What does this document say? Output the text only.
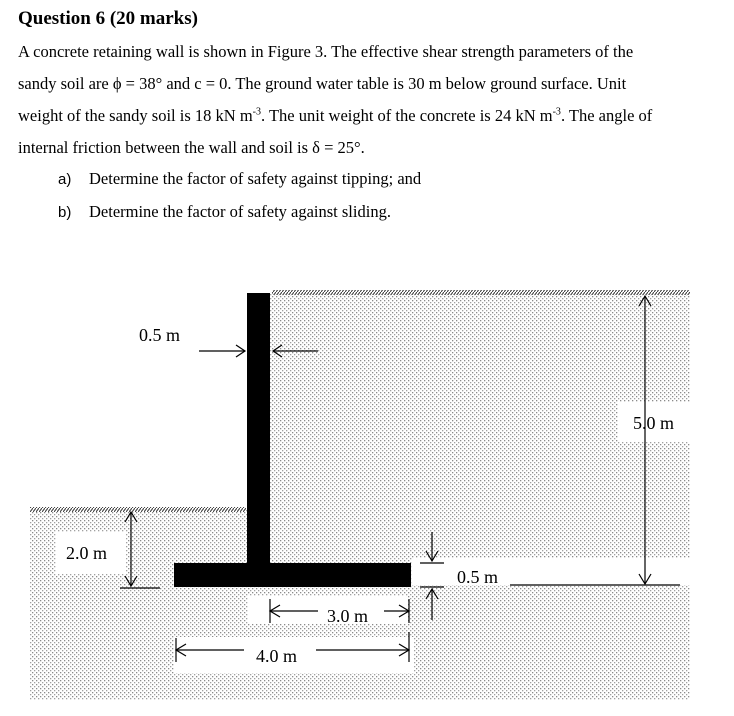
Question 6 (20 marks)
A concrete retaining wall is shown in Figure 3. The effective shear strength parameters of the
sandy soil are ϕ = 38° and c = 0. The ground water table is 30 m below ground surface. Unit
weight of the sandy soil is 18 kN $m^{-3}$. The unit weight of the concrete is 24 kN $m^{-3}$. The angle of
internal friction between the wall and soil is δ = 25°.
a) Determine the factor of safety against tipping; and
b) Determine the factor of safety against sliding.
0.5 m
5.0 m
2.0 m
0.5 m
3.0 m
4.0 m
